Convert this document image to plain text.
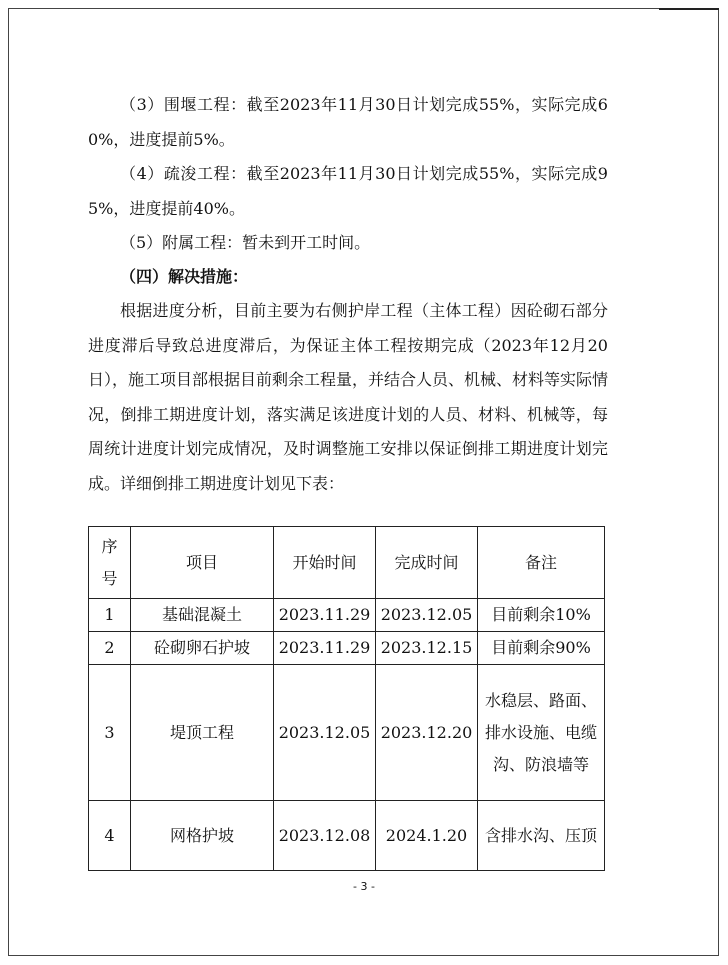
（3）围堰工程：截至2023年11月30日计划完成55%，实际完成60%，进度提前5%。

（4）疏浚工程：截至2023年11月30日计划完成55%，实际完成95%，进度提前40%。

（5）附属工程：暂未到开工时间。

（四）解决措施：

根据进度分析，目前主要为右侧护岸工程（主体工程）因砼砌石部分进度滞后导致总进度滞后，为保证主体工程按期完成（2023年12月20日），施工项目部根据目前剩余工程量，并结合人员、机械、材料等实际情况，倒排工期进度计划，落实满足该进度计划的人员、材料、机械等，每周统计进度计划完成情况，及时调整施工安排以保证倒排工期进度计划完成。详细倒排工期进度计划见下表：

序号	项目	开始时间	完成时间	备注
1	基础混凝土	2023.11.29	2023.12.05	目前剩余10%
2	砼砌卵石护坡	2023.11.29	2023.12.15	目前剩余90%
3	堤顶工程	2023.12.05	2023.12.20	水稳层、路面、排水设施、电缆沟、防浪墙等
4	网格护坡	2023.12.08	2024.1.20	含排水沟、压顶
- 3 -
